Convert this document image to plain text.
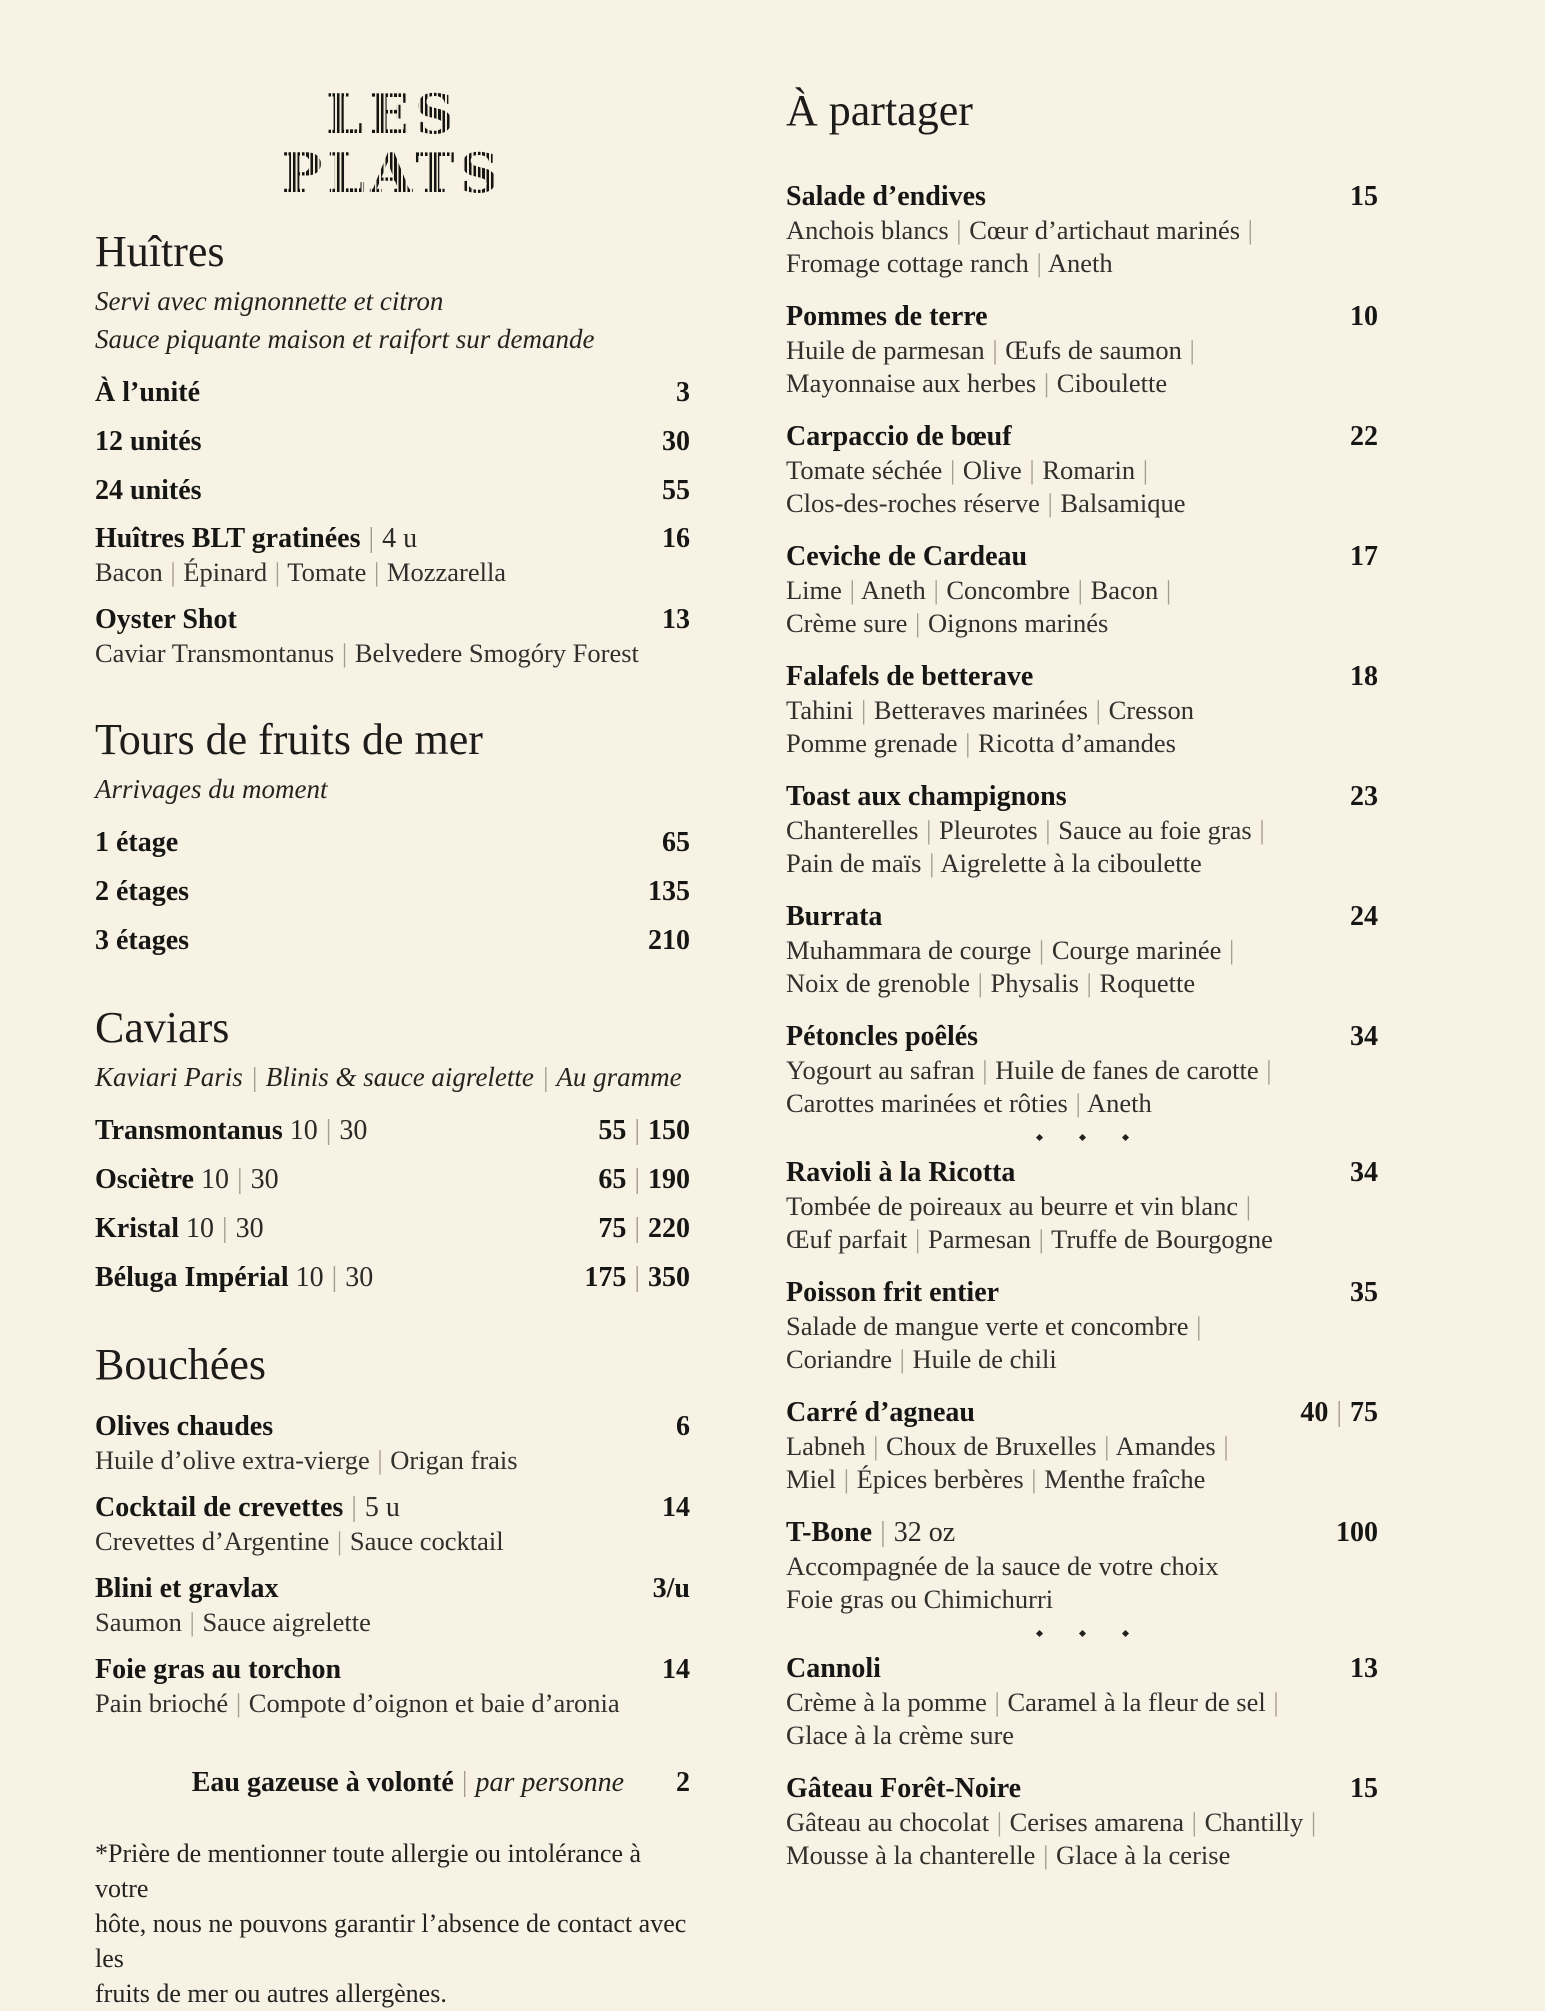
LES
PLATS
Huîtres
Servi avec mignonnette et citron
Sauce piquante maison et raifort sur demande
À l’unité	3
12 unités	30
24 unités	55
Huîtres BLT gratinées | 4 u	16
Bacon | Épinard | Tomate | Mozzarella
Oyster Shot	13
Caviar Transmontanus | Belvedere Smogóry Forest
Tours de fruits de mer
Arrivages du moment
1 étage	65
2 étages	135
3 étages	210
Caviars
Kaviari Paris | Blinis & sauce aigrelette | Au gramme
Transmontanus 10 | 30	55 | 150
Osciètre 10 | 30	65 | 190
Kristal 10 | 30	75 | 220
Béluga Impérial 10 | 30	175 | 350
Bouchées
Olives chaudes	6
Huile d’olive extra-vierge | Origan frais
Cocktail de crevettes | 5 u	14
Crevettes d’Argentine | Sauce cocktail
Blini et gravlax	3/u
Saumon | Sauce aigrelette
Foie gras au torchon	14
Pain brioché | Compote d’oignon et baie d’aronia
Eau gazeuse à volonté | par personne 2
*Prière de mentionner toute allergie ou intolérance à votre
hôte, nous ne pouvons garantir l’absence de contact avec les
fruits de mer ou autres allergènes.
À partager
Salade d’endives	15
Anchois blancs | Cœur d’artichaut marinés |
Fromage cottage ranch | Aneth
Pommes de terre	10
Huile de parmesan | Œufs de saumon |
Mayonnaise aux herbes | Ciboulette
Carpaccio de bœuf	22
Tomate séchée | Olive | Romarin |
Clos-des-roches réserve | Balsamique
Ceviche de Cardeau	17
Lime | Aneth | Concombre | Bacon |
Crème sure | Oignons marinés
Falafels de betterave	18
Tahini | Betteraves marinées | Cresson
Pomme grenade | Ricotta d’amandes
Toast aux champignons	23
Chanterelles | Pleurotes | Sauce au foie gras |
Pain de maïs | Aigrelette à la ciboulette
Burrata	24
Muhammara de courge | Courge marinée |
Noix de grenoble | Physalis | Roquette
Pétoncles poêlés	34
Yogourt au safran | Huile de fanes de carotte |
Carottes marinées et rôties | Aneth
Ravioli à la Ricotta	34
Tombée de poireaux au beurre et vin blanc |
Œuf parfait | Parmesan | Truffe de Bourgogne
Poisson frit entier	35
Salade de mangue verte et concombre |
Coriandre | Huile de chili
Carré d’agneau	40 | 75
Labneh | Choux de Bruxelles | Amandes |
Miel | Épices berbères | Menthe fraîche
T-Bone | 32 oz	100
Accompagnée de la sauce de votre choix
Foie gras ou Chimichurri
Cannoli	13
Crème à la pomme | Caramel à la fleur de sel |
Glace à la crème sure
Gâteau Forêt-Noire	15
Gâteau au chocolat | Cerises amarena | Chantilly |
Mousse à la chanterelle | Glace à la cerise
